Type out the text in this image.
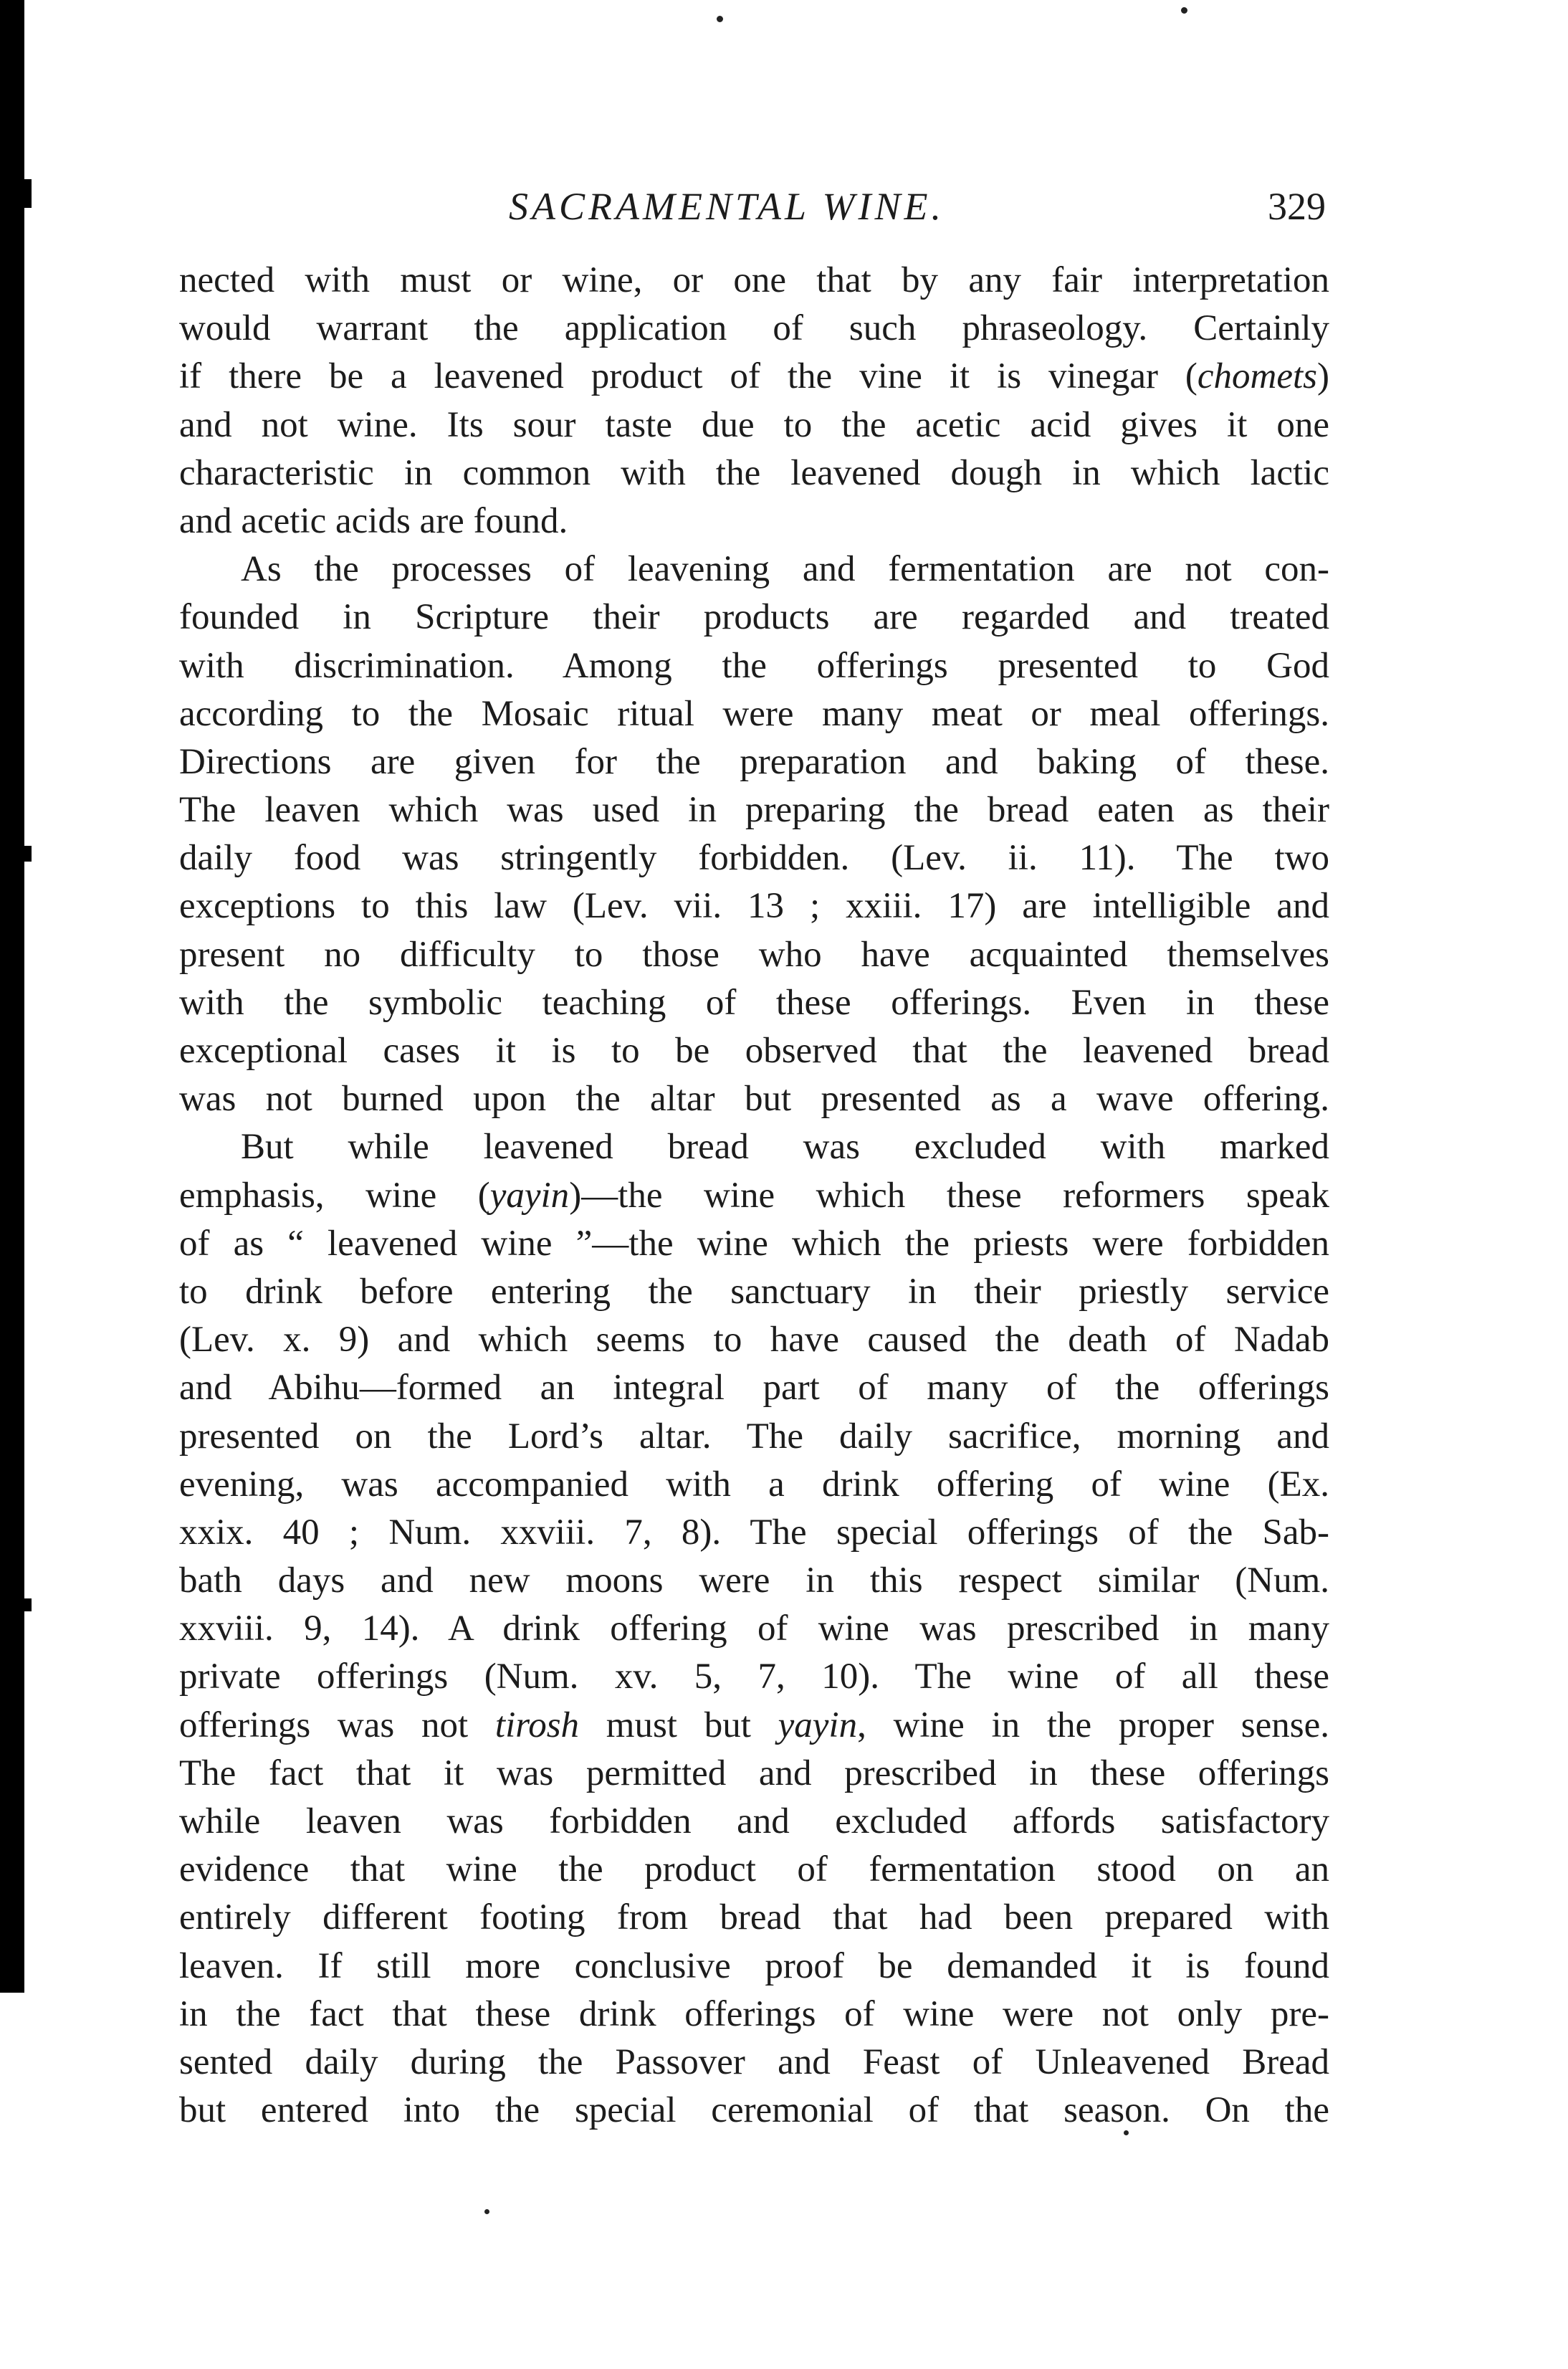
SACRAMENTAL WINE.	329
nected with must or wine, or one that by any fair interpretation
would warrant the application of such phraseology. Certainly
if there be a leavened product of the vine it is vinegar (chomets)
and not wine. Its sour taste due to the acetic acid gives it one
characteristic in common with the leavened dough in which lactic
and acetic acids are found.
As the processes of leavening and fermentation are not con-
founded in Scripture their products are regarded and treated
with discrimination. Among the offerings presented to God
according to the Mosaic ritual were many meat or meal offerings.
Directions are given for the preparation and baking of these.
The leaven which was used in preparing the bread eaten as their
daily food was stringently forbidden. (Lev. ii. 11). The two
exceptions to this law (Lev. vii. 13 ; xxiii. 17) are intelligible and
present no difficulty to those who have acquainted themselves
with the symbolic teaching of these offerings. Even in these
exceptional cases it is to be observed that the leavened bread
was not burned upon the altar but presented as a wave offering.
But while leavened bread was excluded with marked
emphasis, wine (yayin)—the wine which these reformers speak
of as “ leavened wine ”—the wine which the priests were forbidden
to drink before entering the sanctuary in their priestly service
(Lev. x. 9) and which seems to have caused the death of Nadab
and Abihu—formed an integral part of many of the offerings
presented on the Lord’s altar. The daily sacrifice, morning and
evening, was accompanied with a drink offering of wine (Ex.
xxix. 40 ; Num. xxviii. 7, 8). The special offerings of the Sab-
bath days and new moons were in this respect similar (Num.
xxviii. 9, 14). A drink offering of wine was prescribed in many
private offerings (Num. xv. 5, 7, 10). The wine of all these
offerings was not tirosh must but yayin, wine in the proper sense.
The fact that it was permitted and prescribed in these offerings
while leaven was forbidden and excluded affords satisfactory
evidence that wine the product of fermentation stood on an
entirely different footing from bread that had been prepared with
leaven. If still more conclusive proof be demanded it is found
in the fact that these drink offerings of wine were not only pre-
sented daily during the Passover and Feast of Unleavened Bread
but entered into the special ceremonial of that season. On the
